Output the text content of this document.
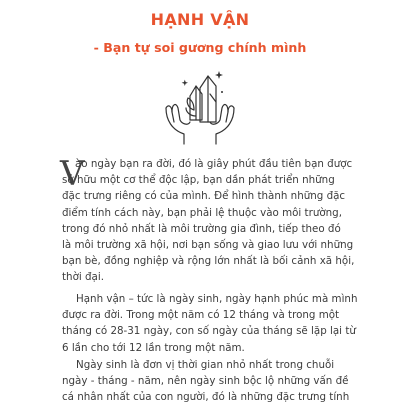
HẠNH VẬN
- Bạn tự soi gương chính mình
V

ào ngày bạn ra đời, đó là giây phút đầu tiên bạn được
sở hữu một cơ thể độc lập, bạn dần phát triển những
đặc trưng riêng có của mình. Để hình thành những đặc
điểm tính cách này, bạn phải lệ thuộc vào môi trường,
trong đó nhỏ nhất là môi trường gia đình, tiếp theo đó
là môi trường xã hội, nơi bạn sống và giao lưu với những
bạn bè, đồng nghiệp và rộng lớn nhất là bối cảnh xã hội,
thời đại.

Hạnh vận – tức là ngày sinh, ngày hạnh phúc mà mình
được ra đời. Trong một năm có 12 tháng và trong một
tháng có 28-31 ngày, con số ngày của tháng sẽ lặp lại từ
6 lần cho tới 12 lần trong một năm.

Ngày sinh là đơn vị thời gian nhỏ nhất trong chuỗi
ngày - tháng - năm, nên ngày sinh bộc lộ những vấn đề
cá nhân nhất của con người, đó là những đặc trưng tính
